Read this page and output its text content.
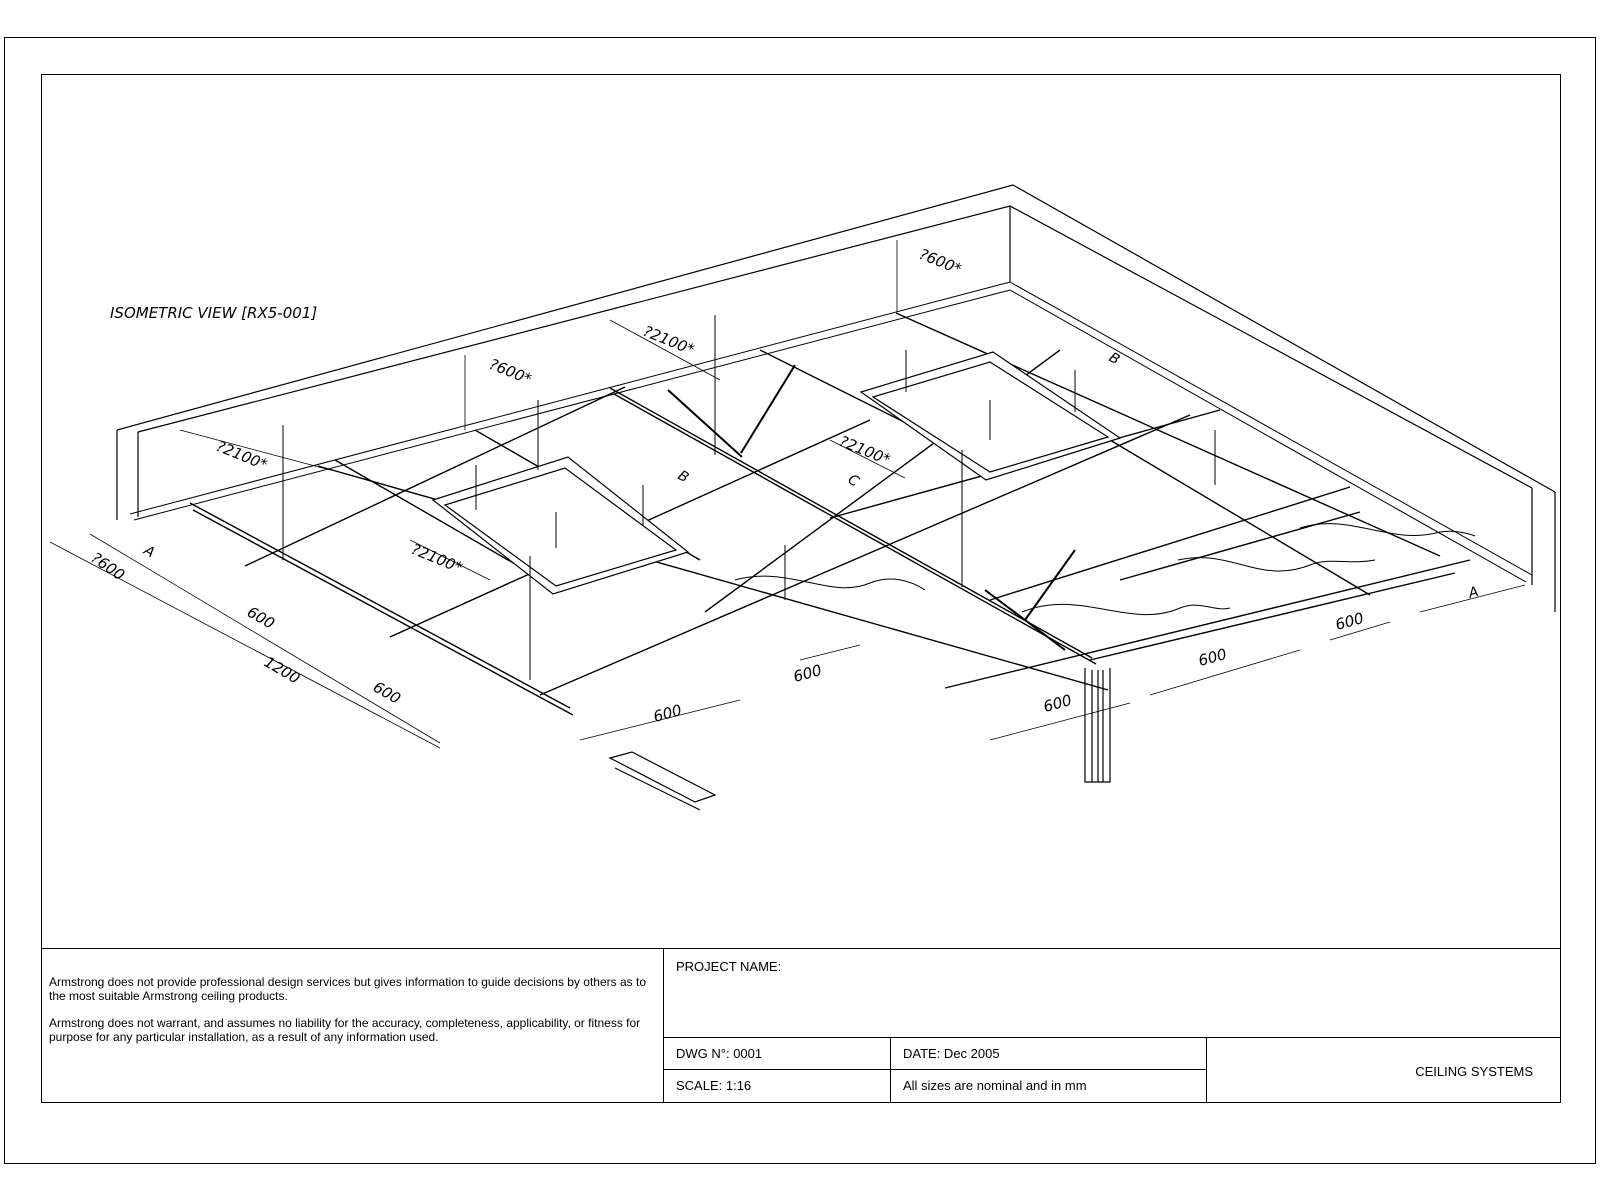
ISOMETRIC VIEW [RX5-001]
?2100*
?600*
?2100*
?600*
?2100*
?2100*
?600
600
1200
600
600
600
600
600
600
A
A
B
B
C

Armstrong does not provide professional design services but gives information to guide decisions by others as to the most suitable Armstrong ceiling products.

Armstrong does not warrant, and assumes no liability for the accuracy, completeness, applicability, or fitness for purpose for any particular installation, as a result of any information used.

PROJECT NAME:
DWG N°: 0001	DATE: Dec 2005
SCALE: 1:16	All sizes are nominal and in mm
CEILING SYSTEMS
